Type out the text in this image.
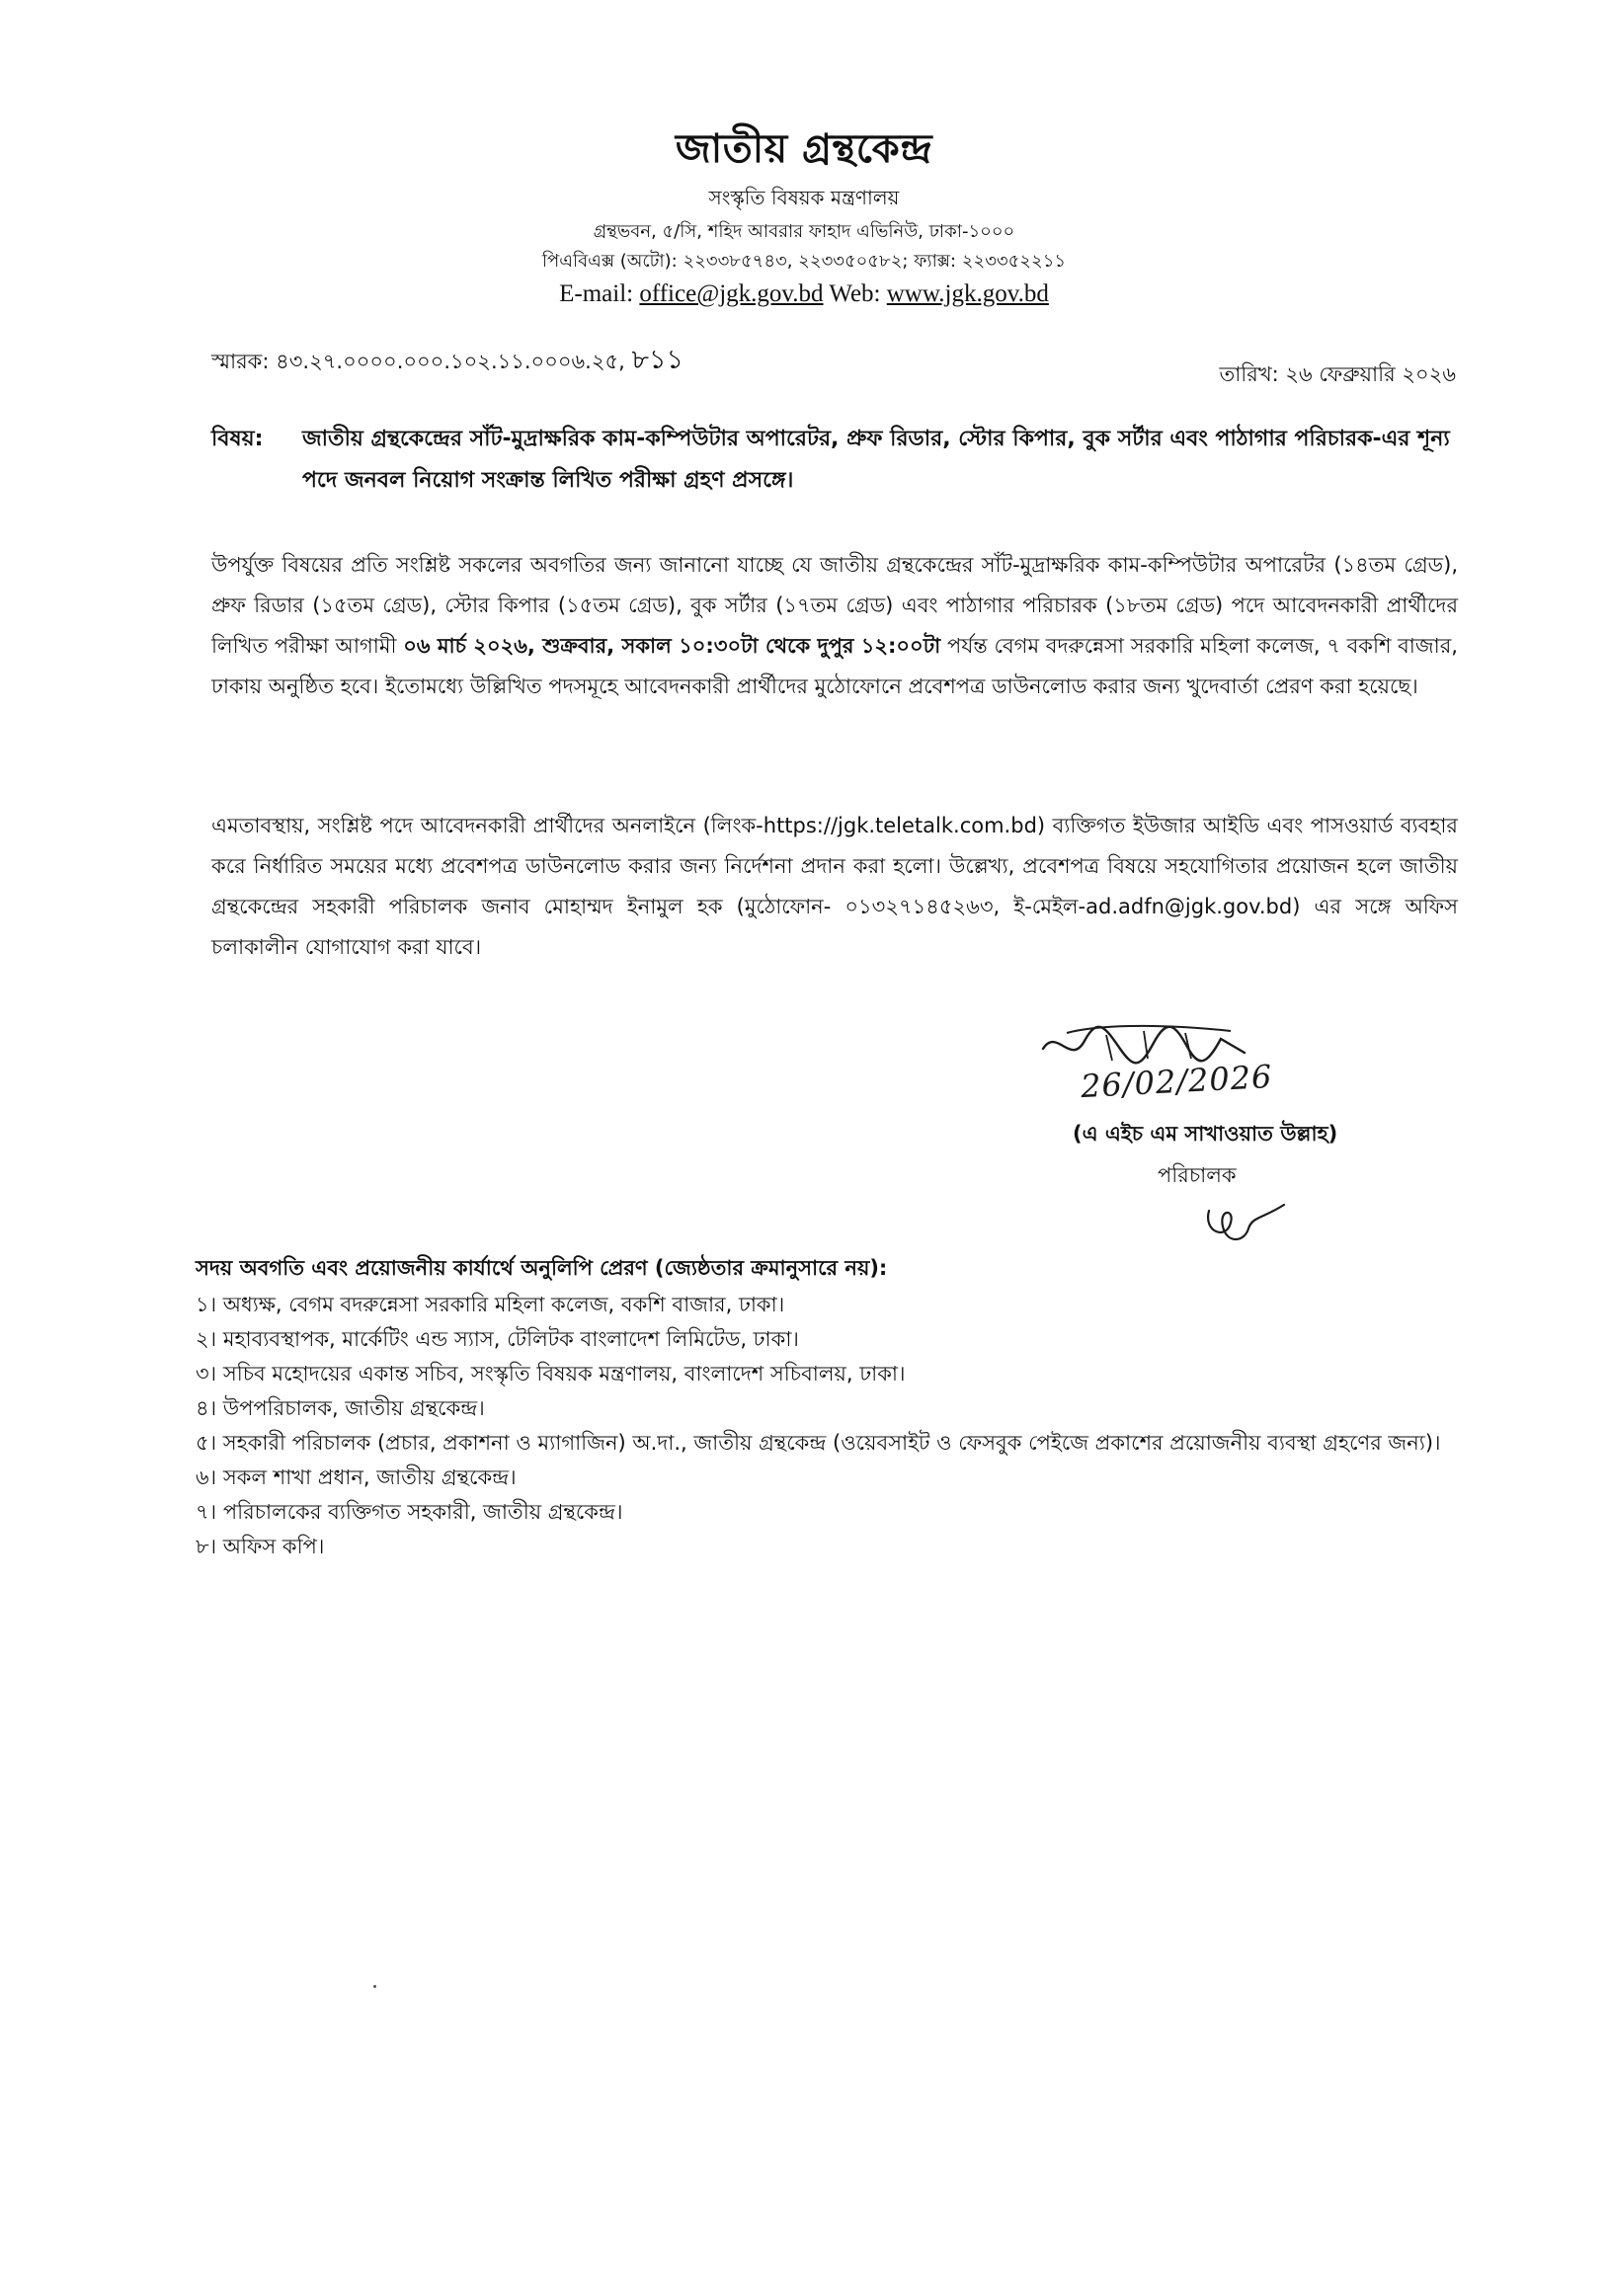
জাতীয় গ্রন্থকেন্দ্র
সংস্কৃতি বিষয়ক মন্ত্রণালয়
গ্রন্থভবন, ৫/সি, শহিদ আবরার ফাহাদ এভিনিউ, ঢাকা-১০০০
পিএবিএক্স (অটো): ২২৩৩৮৫৭৪৩, ২২৩৩৫০৫৮২; ফ্যাক্স: ২২৩৩৫২২১১
E-mail: office@jgk.gov.bd Web: www.jgk.gov.bd
স্মারক: ৪৩.২৭.০০০০.০০০.১০২.১১.০০০৬.২৫, ৮১১	তারিখ: ২৬ ফেব্রুয়ারি ২০২৬
বিষয়:	জাতীয় গ্রন্থকেন্দ্রের সাঁট-মুদ্রাক্ষরিক কাম-কম্পিউটার অপারেটর, প্রুফ রিডার, স্টোর কিপার, বুক সর্টার এবং পাঠাগার পরিচারক-এর শূন্য পদে জনবল নিয়োগ সংক্রান্ত লিখিত পরীক্ষা গ্রহণ প্রসঙ্গে।
উপর্যুক্ত বিষয়ের প্রতি সংশ্লিষ্ট সকলের অবগতির জন্য জানানো যাচ্ছে যে জাতীয় গ্রন্থকেন্দ্রের সাঁট-মুদ্রাক্ষরিক কাম-কম্পিউটার অপারেটর (১৪তম গ্রেড), প্রুফ রিডার (১৫তম গ্রেড), স্টোর কিপার (১৫তম গ্রেড), বুক সর্টার (১৭তম গ্রেড) এবং পাঠাগার পরিচারক (১৮তম গ্রেড) পদে আবেদনকারী প্রার্থীদের লিখিত পরীক্ষা আগামী ০৬ মার্চ ২০২৬, শুক্রবার, সকাল ১০:৩০টা থেকে দুপুর ১২:০০টা পর্যন্ত বেগম বদরুন্নেসা সরকারি মহিলা কলেজ, ৭ বকশি বাজার, ঢাকায় অনুষ্ঠিত হবে। ইতোমধ্যে উল্লিখিত পদসমূহে আবেদনকারী প্রার্থীদের মুঠোফোনে প্রবেশপত্র ডাউনলোড করার জন্য খুদেবার্তা প্রেরণ করা হয়েছে।
এমতাবস্থায়, সংশ্লিষ্ট পদে আবেদনকারী প্রার্থীদের অনলাইনে (লিংক-https://jgk.teletalk.com.bd) ব্যক্তিগত ইউজার আইডি এবং পাসওয়ার্ড ব্যবহার করে নির্ধারিত সময়ের মধ্যে প্রবেশপত্র ডাউনলোড করার জন্য নির্দেশনা প্রদান করা হলো। উল্লেখ্য, প্রবেশপত্র বিষয়ে সহযোগিতার প্রয়োজন হলে জাতীয় গ্রন্থকেন্দ্রের সহকারী পরিচালক জনাব মোহাম্মদ ইনামুল হক (মুঠোফোন- ০১৩২৭১৪৫২৬৩, ই-মেইল-ad.adfn@jgk.gov.bd) এর সঙ্গে অফিস চলাকালীন যোগাযোগ করা যাবে।
26/02/2026
(এ এইচ এম সাখাওয়াত উল্লাহ)
পরিচালক
সদয় অবগতি এবং প্রয়োজনীয় কার্যার্থে অনুলিপি প্রেরণ (জ্যেষ্ঠতার ক্রমানুসারে নয়):
১। অধ্যক্ষ, বেগম বদরুন্নেসা সরকারি মহিলা কলেজ, বকশি বাজার, ঢাকা।
২। মহাব্যবস্থাপক, মার্কেটিং এন্ড স্যাস, টেলিটক বাংলাদেশ লিমিটেড, ঢাকা।
৩। সচিব মহোদয়ের একান্ত সচিব, সংস্কৃতি বিষয়ক মন্ত্রণালয়, বাংলাদেশ সচিবালয়, ঢাকা।
৪। উপপরিচালক, জাতীয় গ্রন্থকেন্দ্র।
৫। সহকারী পরিচালক (প্রচার, প্রকাশনা ও ম্যাগাজিন) অ.দা., জাতীয় গ্রন্থকেন্দ্র (ওয়েবসাইট ও ফেসবুক পেইজে প্রকাশের প্রয়োজনীয় ব্যবস্থা গ্রহণের জন্য)।
৬। সকল শাখা প্রধান, জাতীয় গ্রন্থকেন্দ্র।
৭। পরিচালকের ব্যক্তিগত সহকারী, জাতীয় গ্রন্থকেন্দ্র।
৮। অফিস কপি।
